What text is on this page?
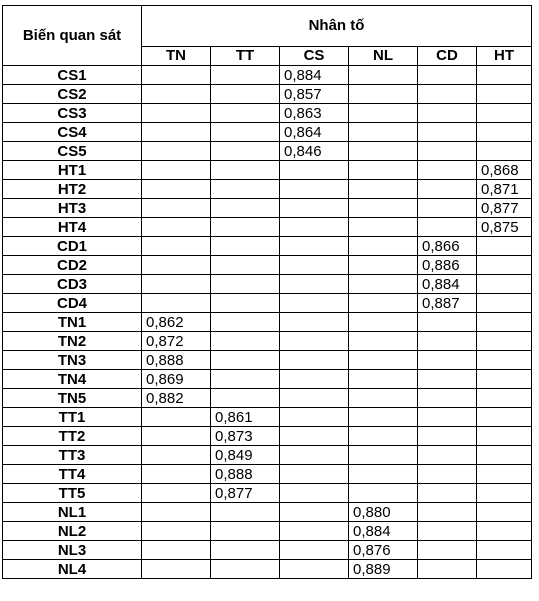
Biến quan sát	Nhân tố					
	TN	TT	CS	NL	CD	HT
CS1			0,884			
CS2			0,857			
CS3			0,863			
CS4			0,864			
CS5			0,846			
HT1						0,868
HT2						0,871
HT3						0,877
HT4						0,875
CD1					0,866	
CD2					0,886	
CD3					0,884	
CD4					0,887	
TN1	0,862					
TN2	0,872					
TN3	0,888					
TN4	0,869					
TN5	0,882					
TT1		0,861				
TT2		0,873				
TT3		0,849				
TT4		0,888				
TT5		0,877				
NL1				0,880		
NL2				0,884		
NL3				0,876		
NL4				0,889		
